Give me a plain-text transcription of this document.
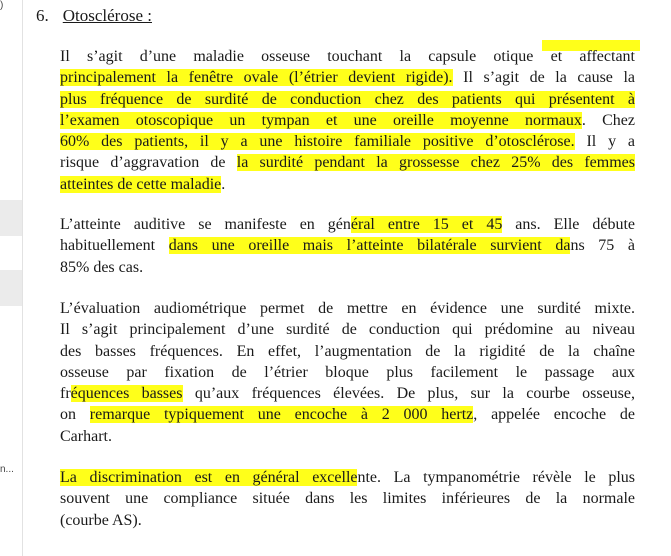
)
n...
6. Otosclérose :
Il s’agit d’une maladie osseuse touchant la capsule otique et affectant
principalement la fenêtre ovale (l’étrier devient rigide). Il s’agit de la cause la
plus fréquence de surdité de conduction chez des patients qui présentent à
l’examen otoscopique un tympan et une oreille moyenne normaux. Chez
60% des patients, il y a une histoire familiale positive d’otosclérose. Il y a
risque d’aggravation de la surdité pendant la grossesse chez 25% des femmes
atteintes de cette maladie.
L’atteinte auditive se manifeste en général entre 15 et 45 ans. Elle débute
habituellement dans une oreille mais l’atteinte bilatérale survient dans 75 à
85% des cas.
L’évaluation audiométrique permet de mettre en évidence une surdité mixte.
Il s’agit principalement d’une surdité de conduction qui prédomine au niveau
des basses fréquences. En effet, l’augmentation de la rigidité de la chaîne
osseuse par fixation de l’étrier bloque plus facilement le passage aux
fréquences basses qu’aux fréquences élevées. De plus, sur la courbe osseuse,
on remarque typiquement une encoche à 2 000 hertz, appelée encoche de
Carhart.
La discrimination est en général excellente. La tympanométrie révèle le plus
souvent une compliance située dans les limites inférieures de la normale
(courbe AS).
